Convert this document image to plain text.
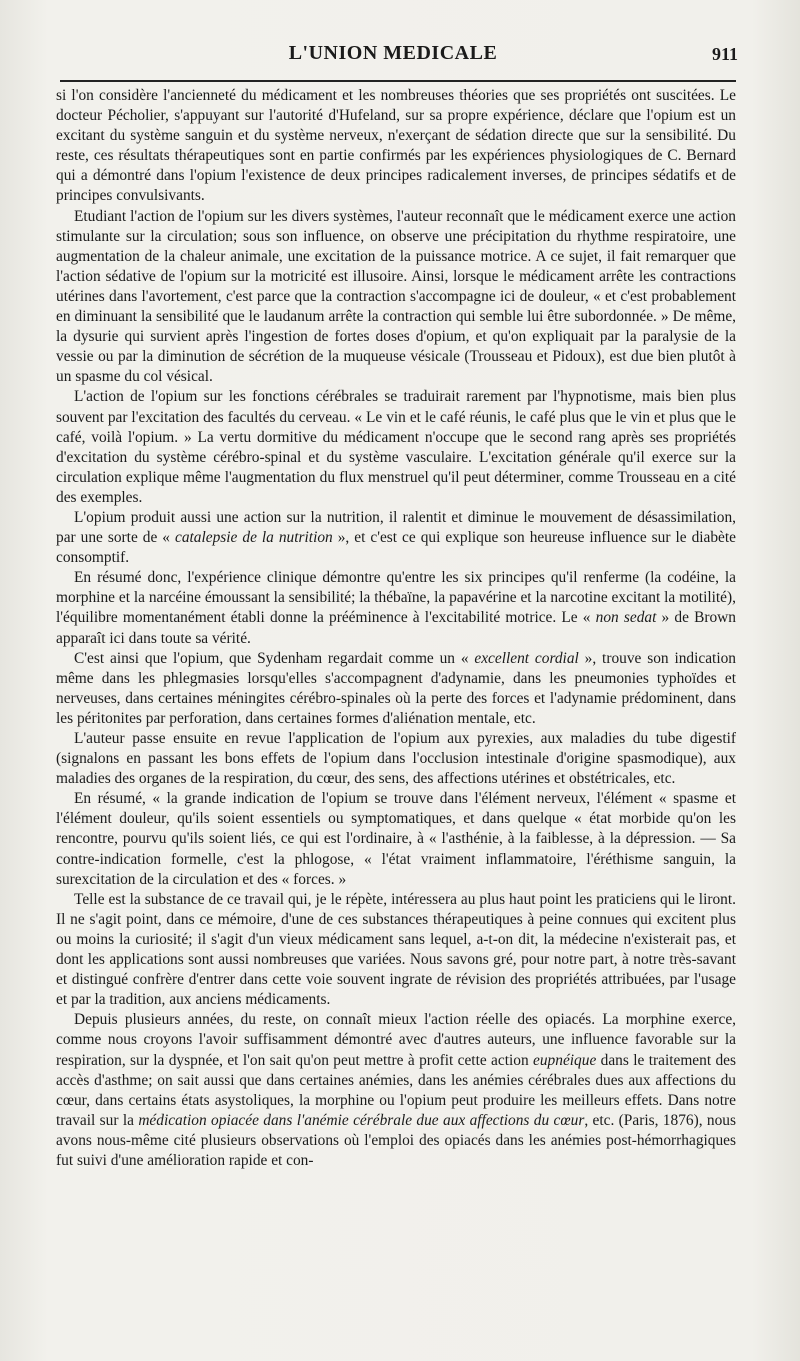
L'UNION MEDICALE	911

si l'on considère l'ancienneté du médicament et les nombreuses théories que ses propriétés ont suscitées. Le docteur Pécholier, s'appuyant sur l'autorité d'Hufeland, sur sa propre expérience, déclare que l'opium est un excitant du système sanguin et du système nerveux, n'exerçant de sédation directe que sur la sensibilité. Du reste, ces résultats thérapeutiques sont en partie confirmés par les expériences physiologiques de C. Bernard qui a démontré dans l'opium l'existence de deux principes radicalement inverses, de principes sédatifs et de principes convulsivants.

Etudiant l'action de l'opium sur les divers systèmes, l'auteur reconnaît que le médicament exerce une action stimulante sur la circulation; sous son influence, on observe une précipitation du rhythme respiratoire, une augmentation de la chaleur animale, une excitation de la puissance motrice. A ce sujet, il fait remarquer que l'action sédative de l'opium sur la motricité est illusoire. Ainsi, lorsque le médicament arrête les contractions utérines dans l'avortement, c'est parce que la contraction s'accompagne ici de douleur, « et c'est probablement en diminuant la sensibilité que le laudanum arrête la contraction qui semble lui être subordonnée. » De même, la dysurie qui survient après l'ingestion de fortes doses d'opium, et qu'on expliquait par la paralysie de la vessie ou par la diminution de sécrétion de la muqueuse vésicale (Trousseau et Pidoux), est due bien plutôt à un spasme du col vésical.

L'action de l'opium sur les fonctions cérébrales se traduirait rarement par l'hypnotisme, mais bien plus souvent par l'excitation des facultés du cerveau. « Le vin et le café réunis, le café plus que le vin et plus que le café, voilà l'opium. » La vertu dormitive du médicament n'occupe que le second rang après ses propriétés d'excitation du système cérébro-spinal et du système vasculaire. L'excitation générale qu'il exerce sur la circulation explique même l'augmentation du flux menstruel qu'il peut déterminer, comme Trousseau en a cité des exemples.

L'opium produit aussi une action sur la nutrition, il ralentit et diminue le mouvement de désassimilation, par une sorte de « catalepsie de la nutrition », et c'est ce qui explique son heureuse influence sur le diabète consomptif.

En résumé donc, l'expérience clinique démontre qu'entre les six principes qu'il renferme (la codéine, la morphine et la narcéine émoussant la sensibilité; la thébaïne, la papavérine et la narcotine excitant la motilité), l'équilibre momentanément établi donne la prééminence à l'excitabilité motrice. Le « non sedat » de Brown apparaît ici dans toute sa vérité.

C'est ainsi que l'opium, que Sydenham regardait comme un « excellent cordial », trouve son indication même dans les phlegmasies lorsqu'elles s'accompagnent d'adynamie, dans les pneumonies typhoïdes et nerveuses, dans certaines méningites cérébro-spinales où la perte des forces et l'adynamie prédominent, dans les péritonites par perforation, dans certaines formes d'aliénation mentale, etc.

L'auteur passe ensuite en revue l'application de l'opium aux pyrexies, aux maladies du tube digestif (signalons en passant les bons effets de l'opium dans l'occlusion intestinale d'origine spasmodique), aux maladies des organes de la respiration, du cœur, des sens, des affections utérines et obstétricales, etc.

En résumé, « la grande indication de l'opium se trouve dans l'élément nerveux, l'élément « spasme et l'élément douleur, qu'ils soient essentiels ou symptomatiques, et dans quelque « état morbide qu'on les rencontre, pourvu qu'ils soient liés, ce qui est l'ordinaire, à « l'asthénie, à la faiblesse, à la dépression. — Sa contre-indication formelle, c'est la phlogose, « l'état vraiment inflammatoire, l'éréthisme sanguin, la surexcitation de la circulation et des « forces. »

Telle est la substance de ce travail qui, je le répète, intéressera au plus haut point les praticiens qui le liront. Il ne s'agit point, dans ce mémoire, d'une de ces substances thérapeutiques à peine connues qui excitent plus ou moins la curiosité; il s'agit d'un vieux médicament sans lequel, a-t-on dit, la médecine n'existerait pas, et dont les applications sont aussi nombreuses que variées. Nous savons gré, pour notre part, à notre très-savant et distingué confrère d'entrer dans cette voie souvent ingrate de révision des propriétés attribuées, par l'usage et par la tradition, aux anciens médicaments.

Depuis plusieurs années, du reste, on connaît mieux l'action réelle des opiacés. La morphine exerce, comme nous croyons l'avoir suffisamment démontré avec d'autres auteurs, une influence favorable sur la respiration, sur la dyspnée, et l'on sait qu'on peut mettre à profit cette action eupnéique dans le traitement des accès d'asthme; on sait aussi que dans certaines anémies, dans les anémies cérébrales dues aux affections du cœur, dans certains états asystoliques, la morphine ou l'opium peut produire les meilleurs effets. Dans notre travail sur la médication opiacée dans l'anémie cérébrale due aux affections du cœur, etc. (Paris, 1876), nous avons nous-même cité plusieurs observations où l'emploi des opiacés dans les anémies post-hémorrhagiques fut suivi d'une amélioration rapide et con-
